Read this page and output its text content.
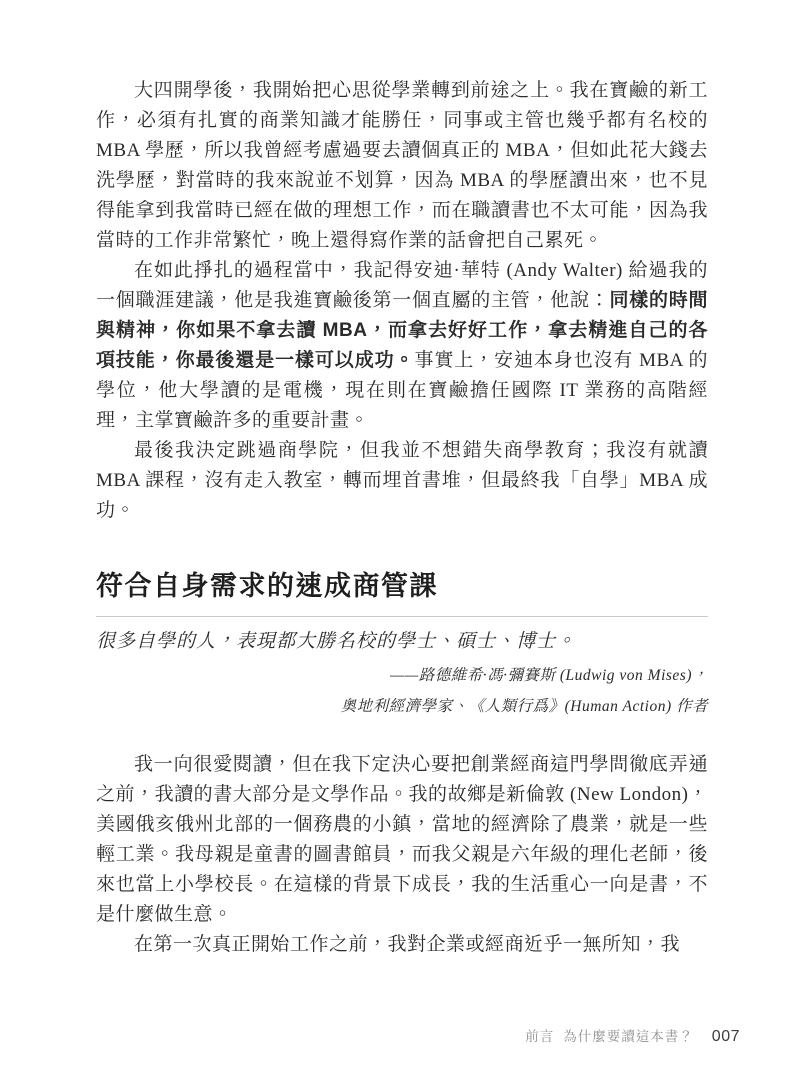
大四開學後，我開始把心思從學業轉到前途之上。我在寶鹼的新工作，必須有扎實的商業知識才能勝任，同事或主管也幾乎都有名校的 MBA 學歷，所以我曾經考慮過要去讀個真正的 MBA，但如此花大錢去洗學歷，對當時的我來說並不划算，因為 MBA 的學歷讀出來，也不見得能拿到我當時已經在做的理想工作，而在職讀書也不太可能，因為我當時的工作非常繁忙，晚上還得寫作業的話會把自己累死。

在如此掙扎的過程當中，我記得安迪·華特 (Andy Walter) 給過我的一個職涯建議，他是我進寶鹼後第一個直屬的主管，他說：同樣的時間與精神，你如果不拿去讀 MBA，而拿去好好工作，拿去精進自己的各項技能，你最後還是一樣可以成功。事實上，安迪本身也沒有 MBA 的學位，他大學讀的是電機，現在則在寶鹼擔任國際 IT 業務的高階經理，主掌寶鹼許多的重要計畫。

最後我決定跳過商學院，但我並不想錯失商學教育；我沒有就讀 MBA 課程，沒有走入教室，轉而埋首書堆，但最終我「自學」MBA 成功。

符合自身需求的速成商管課

很多自學的人，表現都大勝名校的學士、碩士、博士。

——路德維希·馮·彌賽斯 (Ludwig von Mises)，

奧地利經濟學家、《人類行爲》(Human Action) 作者

我一向很愛閱讀，但在我下定決心要把創業經商這門學問徹底弄通之前，我讀的書大部分是文學作品。我的故鄉是新倫敦 (New London)，美國俄亥俄州北部的一個務農的小鎮，當地的經濟除了農業，就是一些輕工業。我母親是童書的圖書館員，而我父親是六年級的理化老師，後來也當上小學校長。在這樣的背景下成長，我的生活重心一向是書，不是什麼做生意。

在第一次真正開始工作之前，我對企業或經商近乎一無所知，我

前言 為什麼要讀這本書？ 007
